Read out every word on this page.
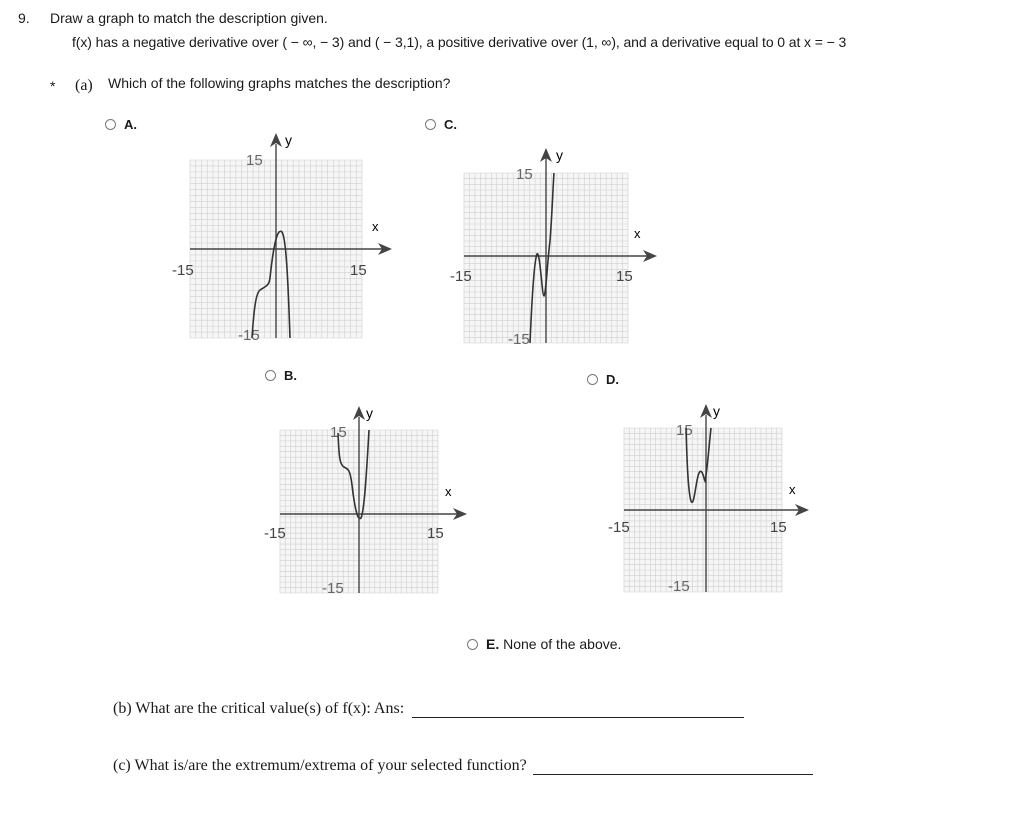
9. Draw a graph to match the description given.
f(x) has a negative derivative over ( − ∞, − 3) and ( − 3,1), a positive derivative over (1, ∞), and a derivative equal to 0 at x = − 3
* (a) Which of the following graphs matches the description?
A.	C.
B.	D.
E. None of the above.
y
x
15
-15
-15	15
y
x
15
-15
-15	15
y
x
15
-15
-15	15
y
x
15
-15
-15	15
(b) What are the critical value(s) of f(x): Ans:
(c) What is/are the extremum/extrema of your selected function?
